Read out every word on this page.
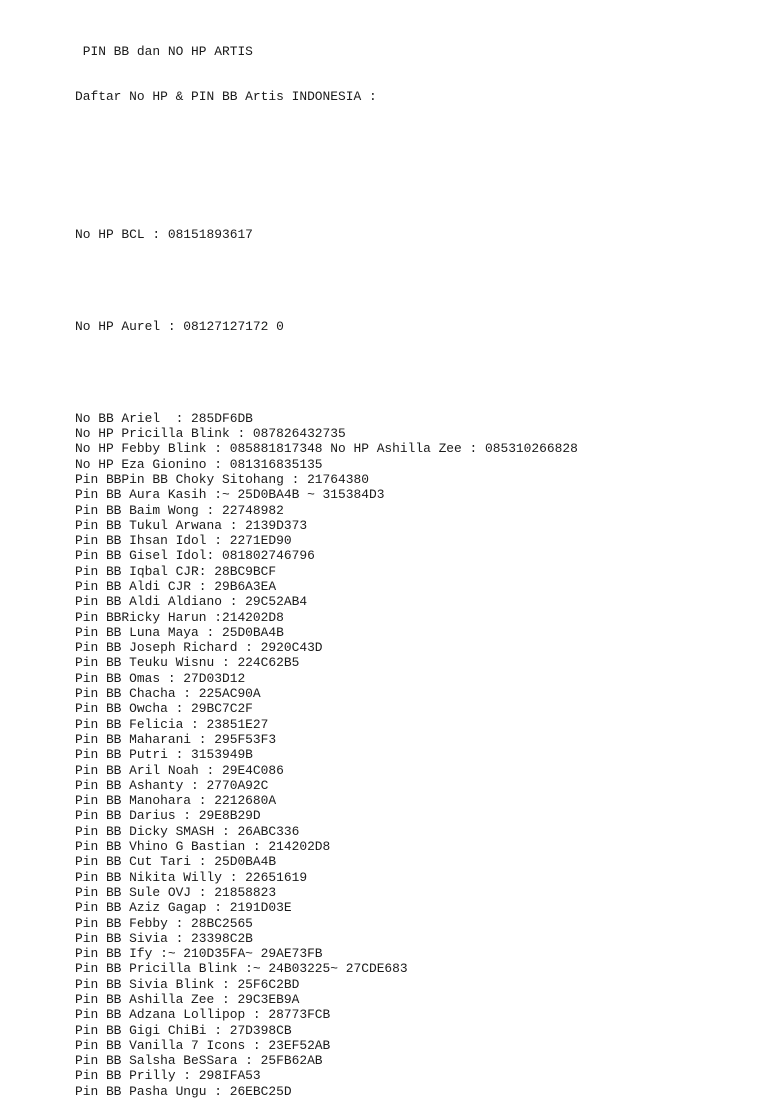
PIN BB dan NO HP ARTIS

Daftar No HP & PIN BB Artis INDONESIA :

No HP BCL : 08151893617

No HP Aurel : 08127127172 0

No BB Ariel  : 285DF6DB
No HP Pricilla Blink : 087826432735
No HP Febby Blink : 085881817348 No HP Ashilla Zee : 085310266828
No HP Eza Gionino : 081316835135
Pin BBPin BB Choky Sitohang : 21764380
Pin BB Aura Kasih :~ 25D0BA4B ~ 315384D3
Pin BB Baim Wong : 22748982
Pin BB Tukul Arwana : 2139D373
Pin BB Ihsan Idol : 2271ED90
Pin BB Gisel Idol: 081802746796
Pin BB Iqbal CJR: 28BC9BCF
Pin BB Aldi CJR : 29B6A3EA
Pin BB Aldi Aldiano : 29C52AB4
Pin BBRicky Harun :214202D8
Pin BB Luna Maya : 25D0BA4B
Pin BB Joseph Richard : 2920C43D
Pin BB Teuku Wisnu : 224C62B5
Pin BB Omas : 27D03D12
Pin BB Chacha : 225AC90A
Pin BB Owcha : 29BC7C2F
Pin BB Felicia : 23851E27
Pin BB Maharani : 295F53F3
Pin BB Putri : 3153949B
Pin BB Aril Noah : 29E4C086
Pin BB Ashanty : 2770A92C
Pin BB Manohara : 2212680A
Pin BB Darius : 29E8B29D
Pin BB Dicky SMASH : 26ABC336
Pin BB Vhino G Bastian : 214202D8
Pin BB Cut Tari : 25D0BA4B
Pin BB Nikita Willy : 22651619
Pin BB Sule OVJ : 21858823
Pin BB Aziz Gagap : 2191D03E
Pin BB Febby : 28BC2565
Pin BB Sivia : 23398C2B
Pin BB Ify :~ 210D35FA~ 29AE73FB
Pin BB Pricilla Blink :~ 24B03225~ 27CDE683
Pin BB Sivia Blink : 25F6C2BD
Pin BB Ashilla Zee : 29C3EB9A
Pin BB Adzana Lollipop : 28773FCB
Pin BB Gigi ChiBi : 27D398CB
Pin BB Vanilla 7 Icons : 23EF52AB
Pin BB Salsha BeSSara : 25FB62AB
Pin BB Prilly : 298IFA53
Pin BB Pasha Ungu : 26EBC25D
